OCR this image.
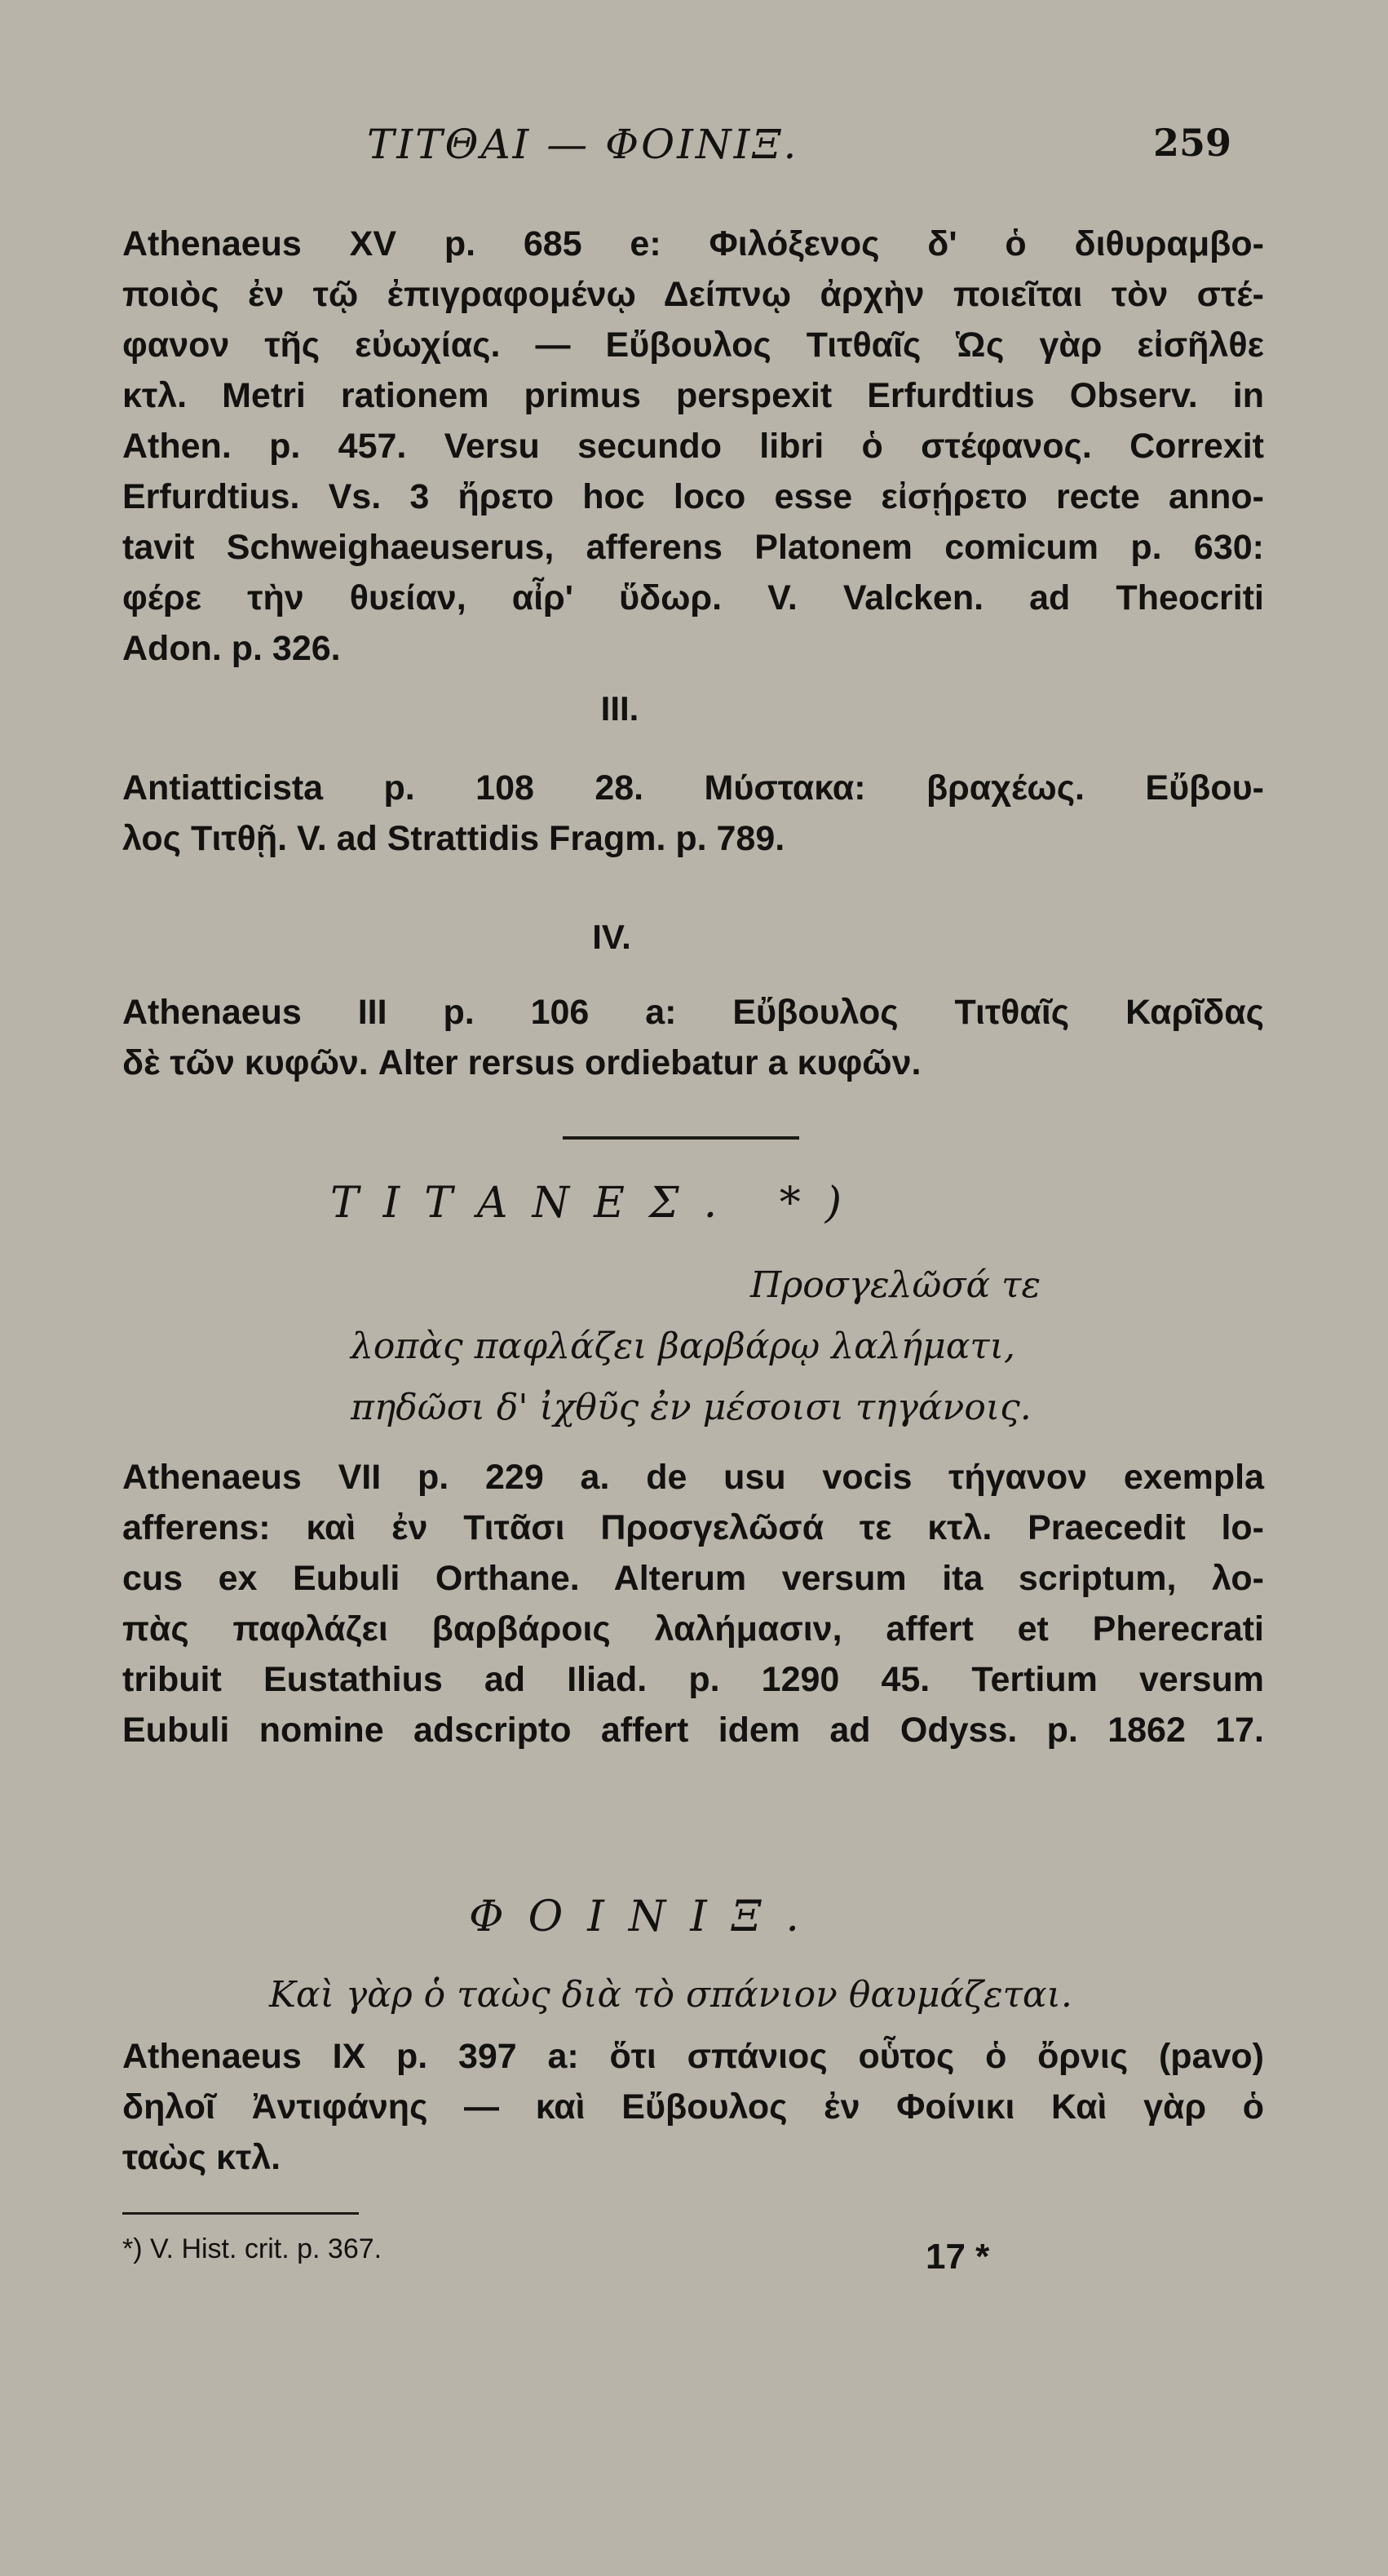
ΤΙΤΘΑΙ — ΦΟΙΝΙΞ.	259
Athenaeus XV p. 685 e: Φιλόξενος δ' ὁ διθυραμβο-
ποιὸς ἐν τῷ ἐπιγραφομένῳ Δείπνῳ ἀρχὴν ποιεῖται τὸν στέ-
φανον τῆς εὐωχίας. — Εὔβουλος Τιτθαῖς Ὡς γὰρ εἰσῆλθε
κτλ. Metri rationem primus perspexit Erfurdtius Observ. in
Athen. p. 457. Versu secundo libri ὁ στέφανος. Correxit
Erfurdtius. Vs. 3 ἤρετο hoc loco esse εἰσῄρετο recte anno-
tavit Schweighaeuserus, afferens Platonem comicum p. 630:
φέρε τὴν θυείαν, αἶρ' ὕδωρ. V. Valcken. ad Theocriti
Adon. p. 326.
III.
Antiatticista p. 108 28. Μύστακα: βραχέως. Εὔβου-
λος Τιτθῇ. V. ad Strattidis Fragm. p. 789.
IV.
Athenaeus III p. 106 a: Εὔβουλος Τιτθαῖς Καρῖδας
δὲ τῶν κυφῶν. Alter rersus ordiebatur a κυφῶν.
ΤΙΤΑΝΕΣ. *)
Προσγελῶσά τε
λοπὰς παφλάζει βαρβάρῳ λαλήματι,
πηδῶσι δ' ἰχθῦς ἐν μέσοισι τηγάνοις.
Athenaeus VII p. 229 a. de usu vocis τήγανον exempla
afferens: καὶ ἐν Τιτᾶσι Προσγελῶσά τε κτλ. Praecedit lo-
cus ex Eubuli Orthane. Alterum versum ita scriptum, λο-
πὰς παφλάζει βαρβάροις λαλήμασιν, affert et Pherecrati
tribuit Eustathius ad Iliad. p. 1290 45. Tertium versum
Eubuli nomine adscripto affert idem ad Odyss. p. 1862 17.
ΦΟΙΝΙΞ.
Καὶ γὰρ ὁ ταὼς διὰ τὸ σπάνιον θαυμάζεται.
Athenaeus IX p. 397 a: ὅτι σπάνιος οὗτος ὁ ὄρνις (pavo)
δηλοῖ Ἀντιφάνης — καὶ Εὔβουλος ἐν Φοίνικι Καὶ γὰρ ὁ
ταὼς κτλ.
*) V. Hist. crit. p. 367.	17 *
